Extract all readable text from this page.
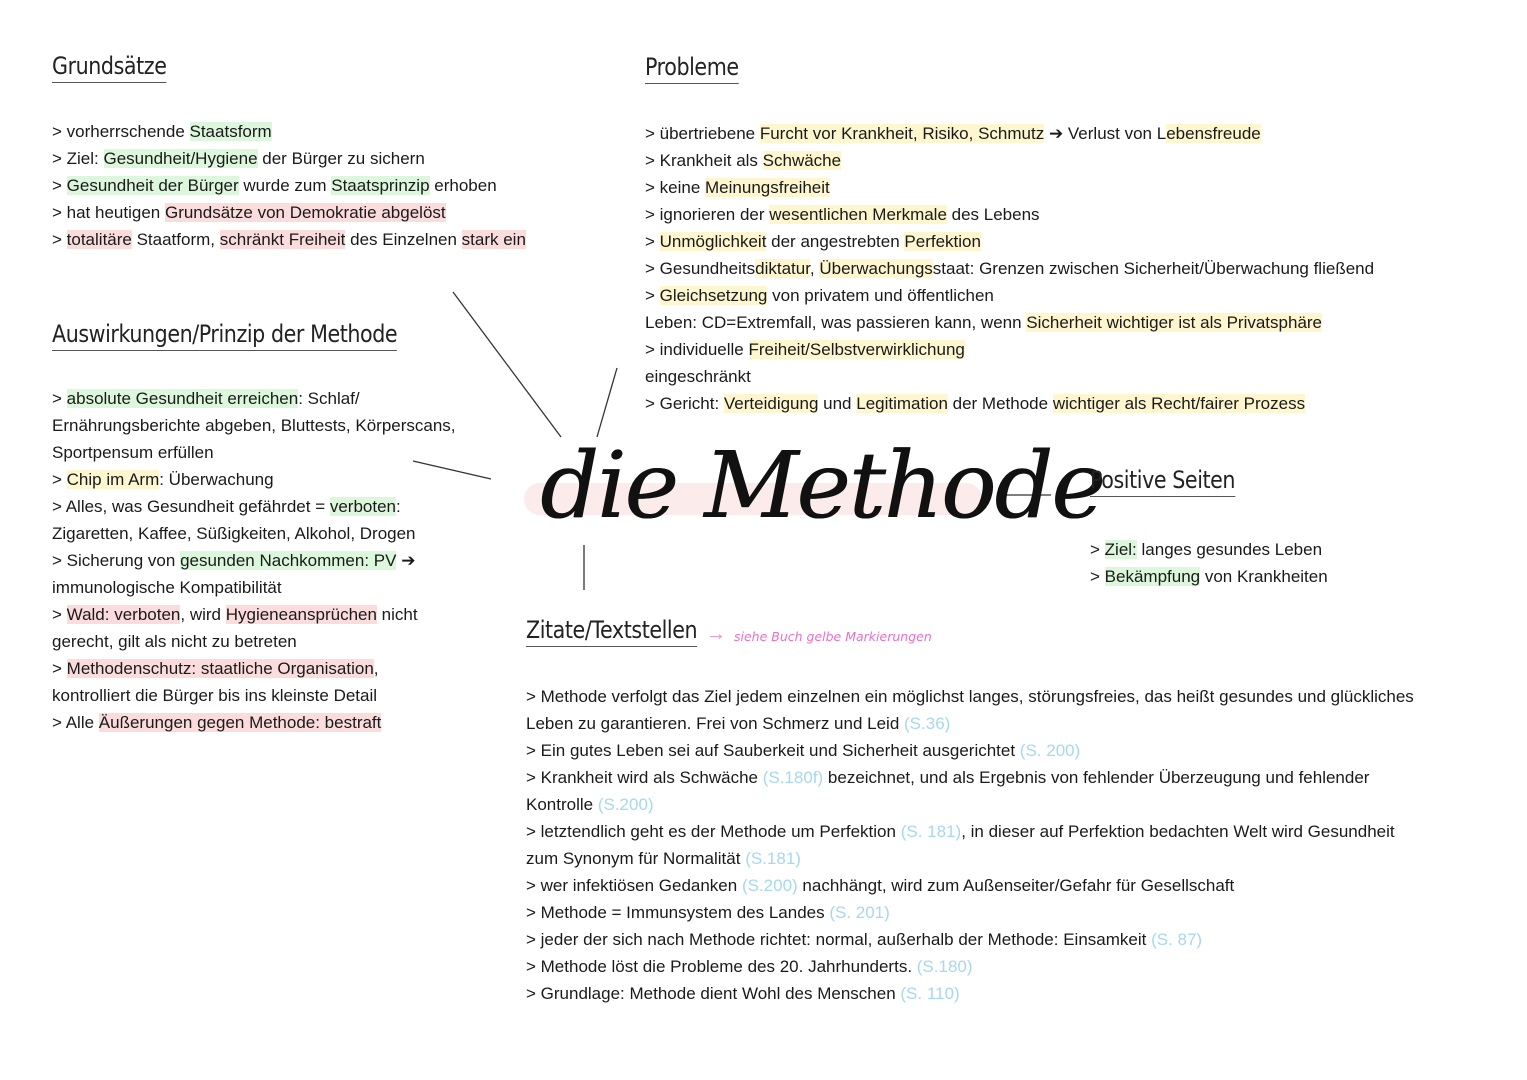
die Methode
Grundsätze
> vorherrschende Staatsform
> Ziel: Gesundheit/Hygiene der Bürger zu sichern
> Gesundheit der Bürger wurde zum Staatsprinzip erhoben
> hat heutigen Grundsätze von Demokratie abgelöst
> totalitäre Staatform, schränkt Freiheit des Einzelnen stark ein
Auswirkungen/Prinzip der Methode
> absolute Gesundheit erreichen: Schlaf/
Ernährungsberichte abgeben, Bluttests, Körperscans,
Sportpensum erfüllen
> Chip im Arm: Überwachung
> Alles, was Gesundheit gefährdet = verboten:
Zigaretten, Kaffee, Süßigkeiten, Alkohol, Drogen
> Sicherung von gesunden Nachkommen: PV ➔
immunologische Kompatibilität
> Wald: verboten, wird Hygieneansprüchen nicht
gerecht, gilt als nicht zu betreten
> Methodenschutz: staatliche Organisation,
kontrolliert die Bürger bis ins kleinste Detail
> Alle Äußerungen gegen Methode: bestraft
Probleme
> übertriebene Furcht vor Krankheit, Risiko, Schmutz ➔ Verlust von Lebensfreude
> Krankheit als Schwäche
> keine Meinungsfreiheit
> ignorieren der wesentlichen Merkmale des Lebens
> Unmöglichkeit der angestrebten Perfektion
> Gesundheitsdiktatur, Überwachungsstaat: Grenzen zwischen Sicherheit/Überwachung fließend
> Gleichsetzung von privatem und öffentlichen
Leben: CD=Extremfall, was passieren kann, wenn Sicherheit wichtiger ist als Privatsphäre
> individuelle Freiheit/Selbstverwirklichung
eingeschränkt
> Gericht: Verteidigung und Legitimation der Methode wichtiger als Recht/fairer Prozess
Positive Seiten
> Ziel: langes gesundes Leben
> Bekämpfung von Krankheiten
Zitate/Textstellen → siehe Buch gelbe Markierungen
> Methode verfolgt das Ziel jedem einzelnen ein möglichst langes, störungsfreies, das heißt gesundes und glückliches
Leben zu garantieren. Frei von Schmerz und Leid (S.36)
> Ein gutes Leben sei auf Sauberkeit und Sicherheit ausgerichtet (S. 200)
> Krankheit wird als Schwäche (S.180f) bezeichnet, und als Ergebnis von fehlender Überzeugung und fehlender
Kontrolle (S.200)
> letztendlich geht es der Methode um Perfektion (S. 181), in dieser auf Perfektion bedachten Welt wird Gesundheit
zum Synonym für Normalität (S.181)
> wer infektiösen Gedanken (S.200) nachhängt, wird zum Außenseiter/Gefahr für Gesellschaft
> Methode = Immunsystem des Landes (S. 201)
> jeder der sich nach Methode richtet: normal, außerhalb der Methode: Einsamkeit (S. 87)
> Methode löst die Probleme des 20. Jahrhunderts. (S.180)
> Grundlage: Methode dient Wohl des Menschen (S. 110)
